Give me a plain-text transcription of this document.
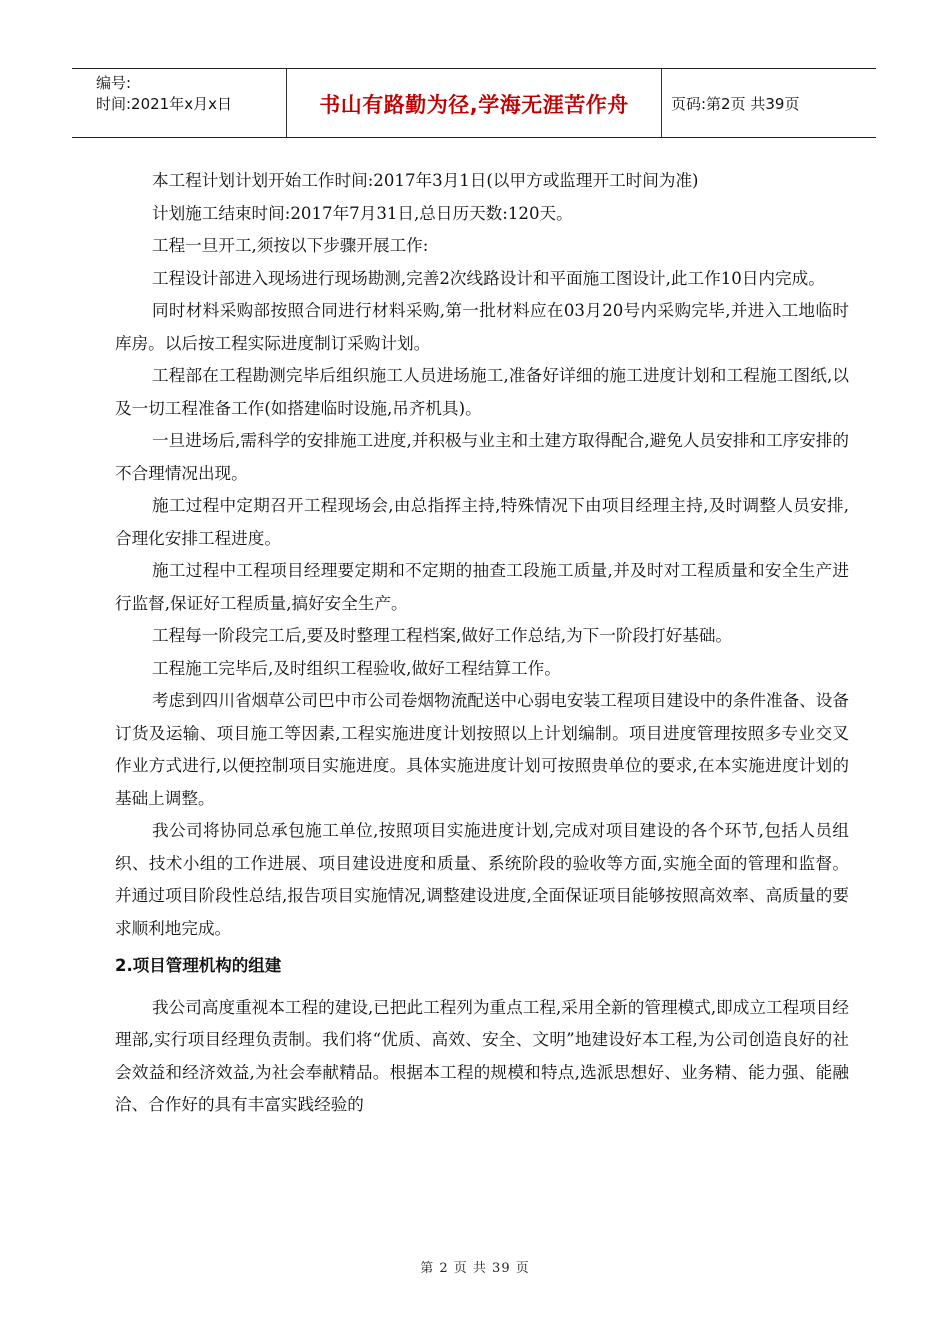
编号:
时间:2021年x月x日	书山有路勤为径,学海无涯苦作舟	页码:第2页 共39页

本工程计划计划开始工作时间:2017年3月1日(以甲方或监理开工时间为准)

计划施工结束时间:2017年7月31日,总日历天数:120天。

工程一旦开工,须按以下步骤开展工作:

工程设计部进入现场进行现场勘测,完善2次线路设计和平面施工图设计,此工作10日内完成。

同时材料采购部按照合同进行材料采购,第一批材料应在03月20号内采购完毕,并进入工地临时库房。以后按工程实际进度制订采购计划。

工程部在工程勘测完毕后组织施工人员进场施工,准备好详细的施工进度计划和工程施工图纸,以及一切工程准备工作(如搭建临时设施,吊齐机具)。

一旦进场后,需科学的安排施工进度,并积极与业主和土建方取得配合,避免人员安排和工序安排的不合理情况出现。

施工过程中定期召开工程现场会,由总指挥主持,特殊情况下由项目经理主持,及时调整人员安排,合理化安排工程进度。

施工过程中工程项目经理要定期和不定期的抽查工段施工质量,并及时对工程质量和安全生产进行监督,保证好工程质量,搞好安全生产。

工程每一阶段完工后,要及时整理工程档案,做好工作总结,为下一阶段打好基础。

工程施工完毕后,及时组织工程验收,做好工程结算工作。

考虑到四川省烟草公司巴中市公司卷烟物流配送中心弱电安装工程项目建设中的条件准备、设备订货及运输、项目施工等因素,工程实施进度计划按照以上计划编制。项目进度管理按照多专业交叉作业方式进行,以便控制项目实施进度。具体实施进度计划可按照贵单位的要求,在本实施进度计划的基础上调整。

我公司将协同总承包施工单位,按照项目实施进度计划,完成对项目建设的各个环节,包括人员组织、技术小组的工作进展、项目建设进度和质量、系统阶段的验收等方面,实施全面的管理和监督。并通过项目阶段性总结,报告项目实施情况,调整建设进度,全面保证项目能够按照高效率、高质量的要求顺利地完成。

2.项目管理机构的组建

我公司高度重视本工程的建设,已把此工程列为重点工程,采用全新的管理模式,即成立工程项目经理部,实行项目经理负责制。我们将“优质、高效、安全、文明”地建设好本工程,为公司创造良好的社会效益和经济效益,为社会奉献精品。根据本工程的规模和特点,选派思想好、业务精、能力强、能融洽、合作好的具有丰富实践经验的

第 2 页 共 39 页
